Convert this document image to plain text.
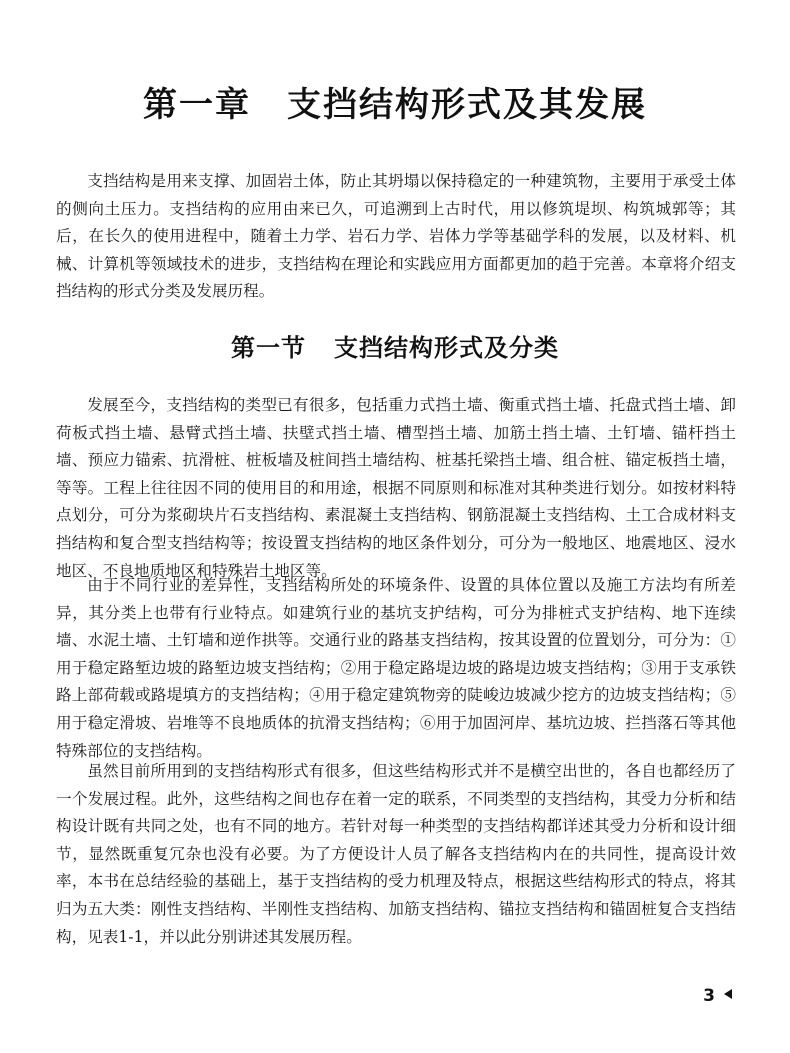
第一章 支挡结构形式及其发展

支挡结构是用来支撑、加固岩土体，防止其坍塌以保持稳定的一种建筑物，主要用于承受土体的侧向土压力。支挡结构的应用由来已久，可追溯到上古时代，用以修筑堤坝、构筑城郭等；其后，在长久的使用进程中，随着土力学、岩石力学、岩体力学等基础学科的发展，以及材料、机械、计算机等领域技术的进步，支挡结构在理论和实践应用方面都更加的趋于完善。本章将介绍支挡结构的形式分类及发展历程。

第一节 支挡结构形式及分类

发展至今，支挡结构的类型已有很多，包括重力式挡土墙、衡重式挡土墙、托盘式挡土墙、卸荷板式挡土墙、悬臂式挡土墙、扶壁式挡土墙、槽型挡土墙、加筋土挡土墙、土钉墙、锚杆挡土墙、预应力锚索、抗滑桩、桩板墙及桩间挡土墙结构、桩基托梁挡土墙、组合桩、锚定板挡土墙，等等。工程上往往因不同的使用目的和用途，根据不同原则和标准对其种类进行划分。如按材料特点划分，可分为浆砌块片石支挡结构、素混凝土支挡结构、钢筋混凝土支挡结构、土工合成材料支挡结构和复合型支挡结构等；按设置支挡结构的地区条件划分，可分为一般地区、地震地区、浸水地区、不良地质地区和特殊岩土地区等。

由于不同行业的差异性，支挡结构所处的环境条件、设置的具体位置以及施工方法均有所差异，其分类上也带有行业特点。如建筑行业的基坑支护结构，可分为排桩式支护结构、地下连续墙、水泥土墙、土钉墙和逆作拱等。交通行业的路基支挡结构，按其设置的位置划分，可分为：①用于稳定路堑边坡的路堑边坡支挡结构；②用于稳定路堤边坡的路堤边坡支挡结构；③用于支承铁路上部荷载或路堤填方的支挡结构；④用于稳定建筑物旁的陡峻边坡减少挖方的边坡支挡结构；⑤用于稳定滑坡、岩堆等不良地质体的抗滑支挡结构；⑥用于加固河岸、基坑边坡、拦挡落石等其他特殊部位的支挡结构。

虽然目前所用到的支挡结构形式有很多，但这些结构形式并不是横空出世的，各自也都经历了一个发展过程。此外，这些结构之间也存在着一定的联系，不同类型的支挡结构，其受力分析和结构设计既有共同之处，也有不同的地方。若针对每一种类型的支挡结构都详述其受力分析和设计细节，显然既重复冗杂也没有必要。为了方便设计人员了解各支挡结构内在的共同性，提高设计效率，本书在总结经验的基础上，基于支挡结构的受力机理及特点，根据这些结构形式的特点，将其归为五大类：刚性支挡结构、半刚性支挡结构、加筋支挡结构、锚拉支挡结构和锚固桩复合支挡结构，见表1-1，并以此分别讲述其发展历程。

3
